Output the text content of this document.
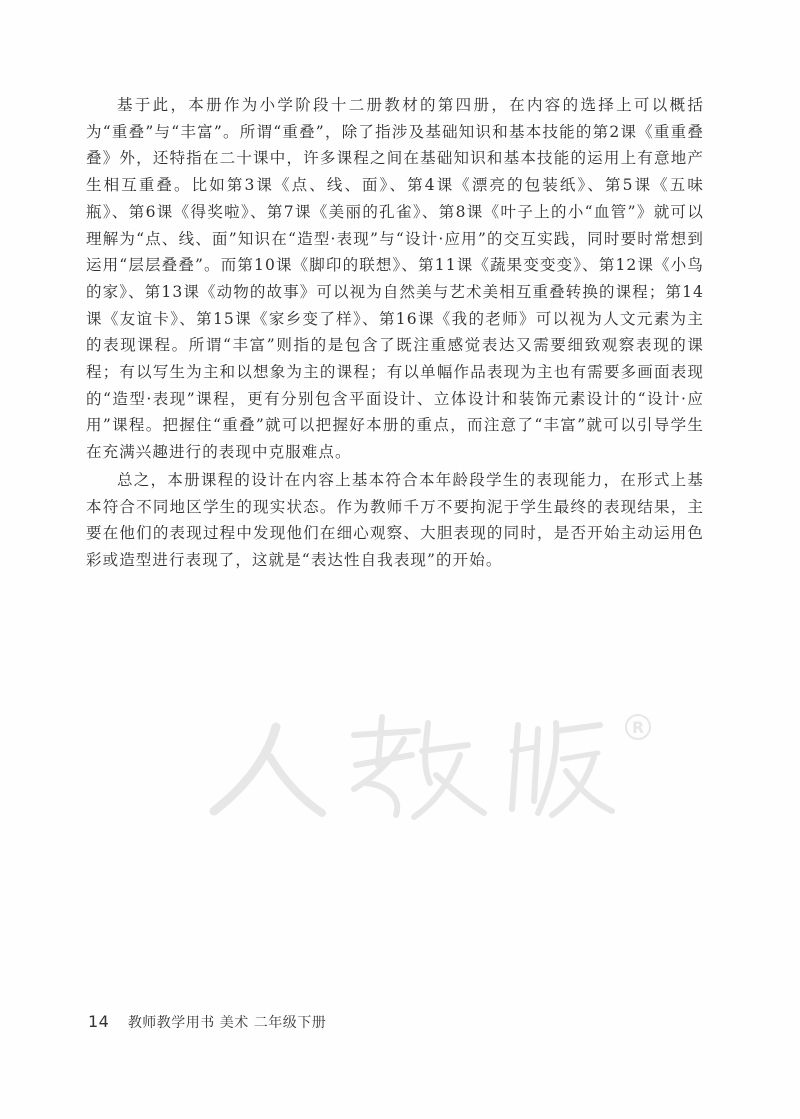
基于此，本册作为小学阶段十二册教材的第四册，在内容的选择上可以概括为“重叠”与“丰富”。所谓“重叠”，除了指涉及基础知识和基本技能的第2课《重重叠叠》外，还特指在二十课中，许多课程之间在基础知识和基本技能的运用上有意地产生相互重叠。比如第3课《点、线、面》、第4课《漂亮的包装纸》、第5课《五味瓶》、第6课《得奖啦》、第7课《美丽的孔雀》、第8课《叶子上的小“血管”》就可以理解为“点、线、面”知识在“造型·表现”与“设计·应用”的交互实践，同时要时常想到运用“层层叠叠”。而第10课《脚印的联想》、第11课《蔬果变变变》、第12课《小鸟的家》、第13课《动物的故事》可以视为自然美与艺术美相互重叠转换的课程；第14课《友谊卡》、第15课《家乡变了样》、第16课《我的老师》可以视为人文元素为主的表现课程。所谓“丰富”则指的是包含了既注重感觉表达又需要细致观察表现的课程；有以写生为主和以想象为主的课程；有以单幅作品表现为主也有需要多画面表现的“造型·表现”课程，更有分别包含平面设计、立体设计和装饰元素设计的“设计·应用”课程。把握住“重叠”就可以把握好本册的重点，而注意了“丰富”就可以引导学生在充满兴趣进行的表现中克服难点。

总之，本册课程的设计在内容上基本符合本年龄段学生的表现能力，在形式上基本符合不同地区学生的现实状态。作为教师千万不要拘泥于学生最终的表现结果，主要在他们的表现过程中发现他们在细心观察、大胆表现的同时，是否开始主动运用色彩或造型进行表现了，这就是“表达性自我表现”的开始。

R
14 教师教学用书 美术 二年级下册
